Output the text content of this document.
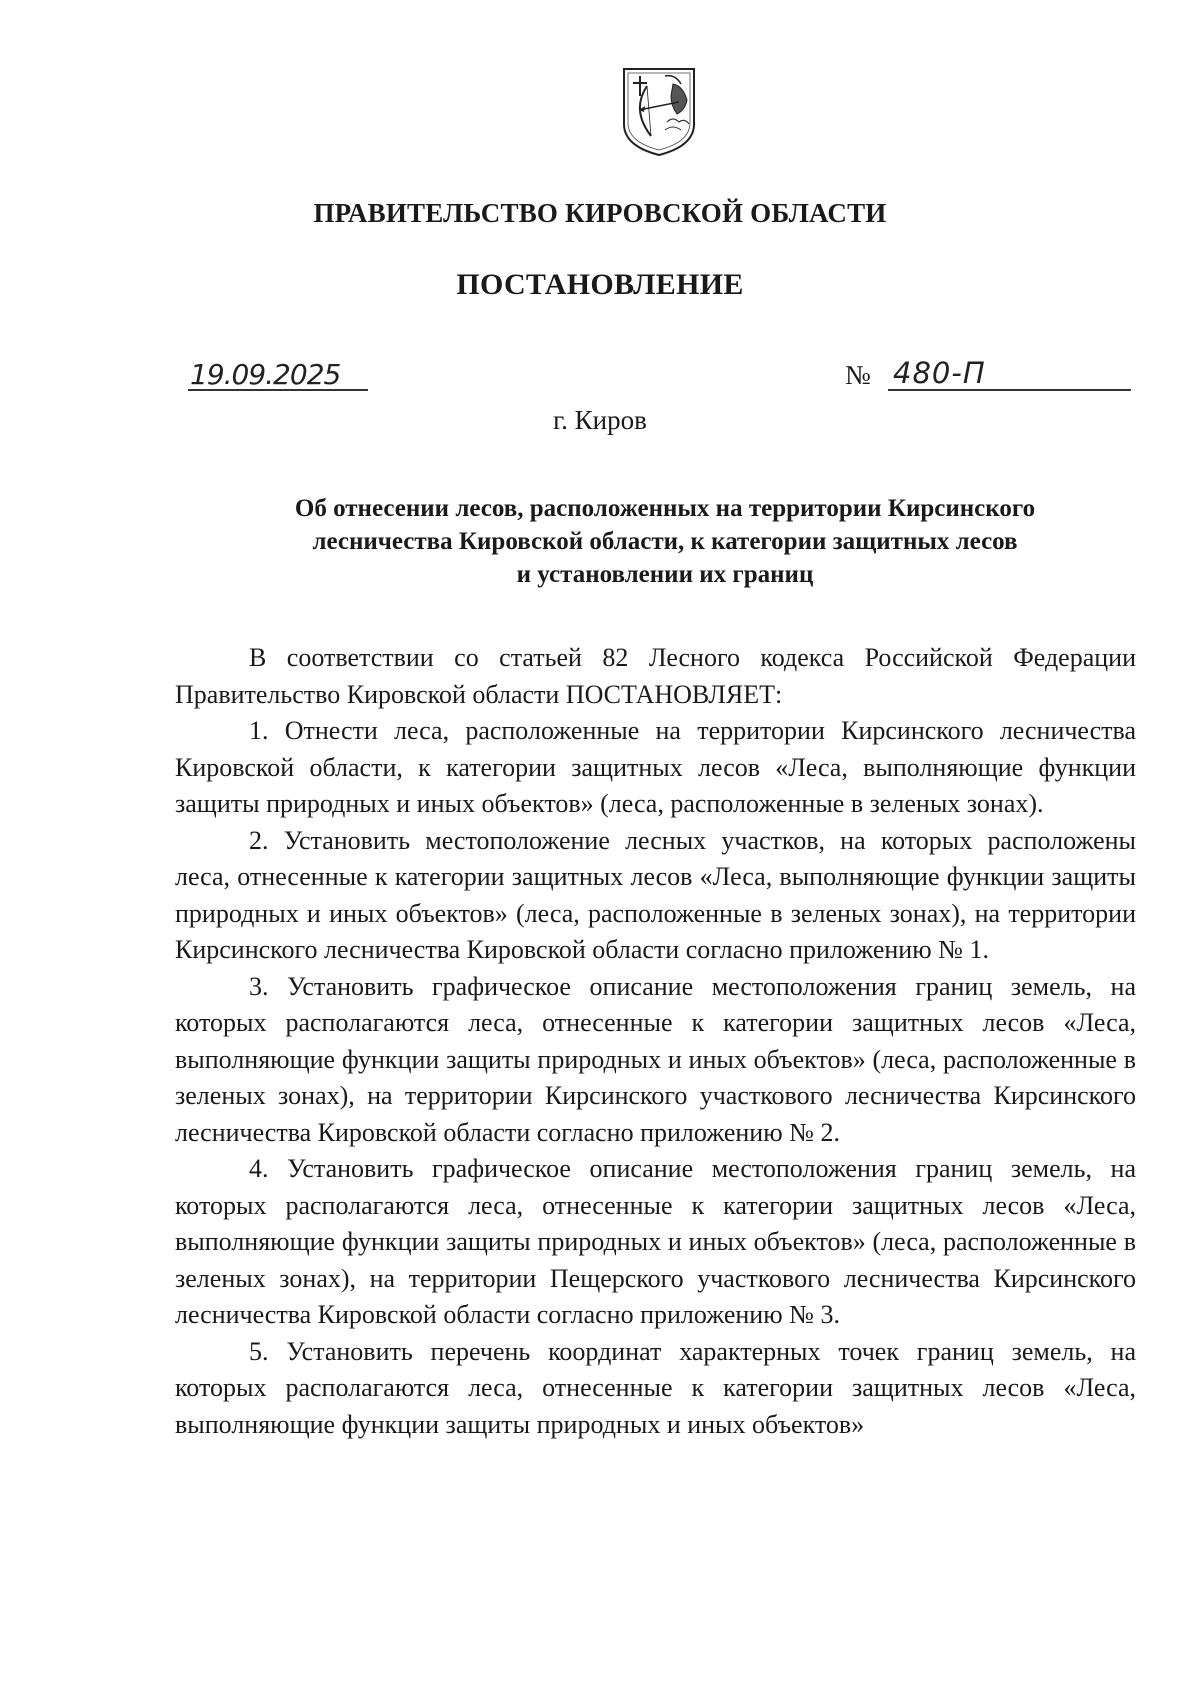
ПРАВИТЕЛЬСТВО КИРОВСКОЙ ОБЛАСТИ
ПОСТАНОВЛЕНИЕ
19.09.2025	№ 480-П
г. Киров
Об отнесении лесов, расположенных на территории Кирсинского
лесничества Кировской области, к категории защитных лесов
и установлении их границ

В соответствии со статьей 82 Лесного кодекса Российской Федерации Правительство Кировской области ПОСТАНОВЛЯЕТ:

1. Отнести леса, расположенные на территории Кирсинского лесничества Кировской области, к категории защитных лесов «Леса, выполняющие функции защиты природных и иных объектов» (леса, расположенные в зеленых зонах).

2. Установить местоположение лесных участков, на которых расположены леса, отнесенные к категории защитных лесов «Леса, выполняющие функции защиты природных и иных объектов» (леса, расположенные в зеленых зонах), на территории Кирсинского лесничества Кировской области согласно приложению № 1.

3. Установить графическое описание местоположения границ земель, на которых располагаются леса, отнесенные к категории защитных лесов «Леса, выполняющие функции защиты природных и иных объектов» (леса, расположенные в зеленых зонах), на территории Кирсинского участкового лесничества Кирсинского лесничества Кировской области согласно приложению № 2.

4. Установить графическое описание местоположения границ земель, на которых располагаются леса, отнесенные к категории защитных лесов «Леса, выполняющие функции защиты природных и иных объектов» (леса, расположенные в зеленых зонах), на территории Пещерского участкового лесничества Кирсинского лесничества Кировской области согласно приложению № 3.

5. Установить перечень координат характерных точек границ земель, на которых располагаются леса, отнесенные к категории защитных лесов «Леса, выполняющие функции защиты природных и иных объектов»
